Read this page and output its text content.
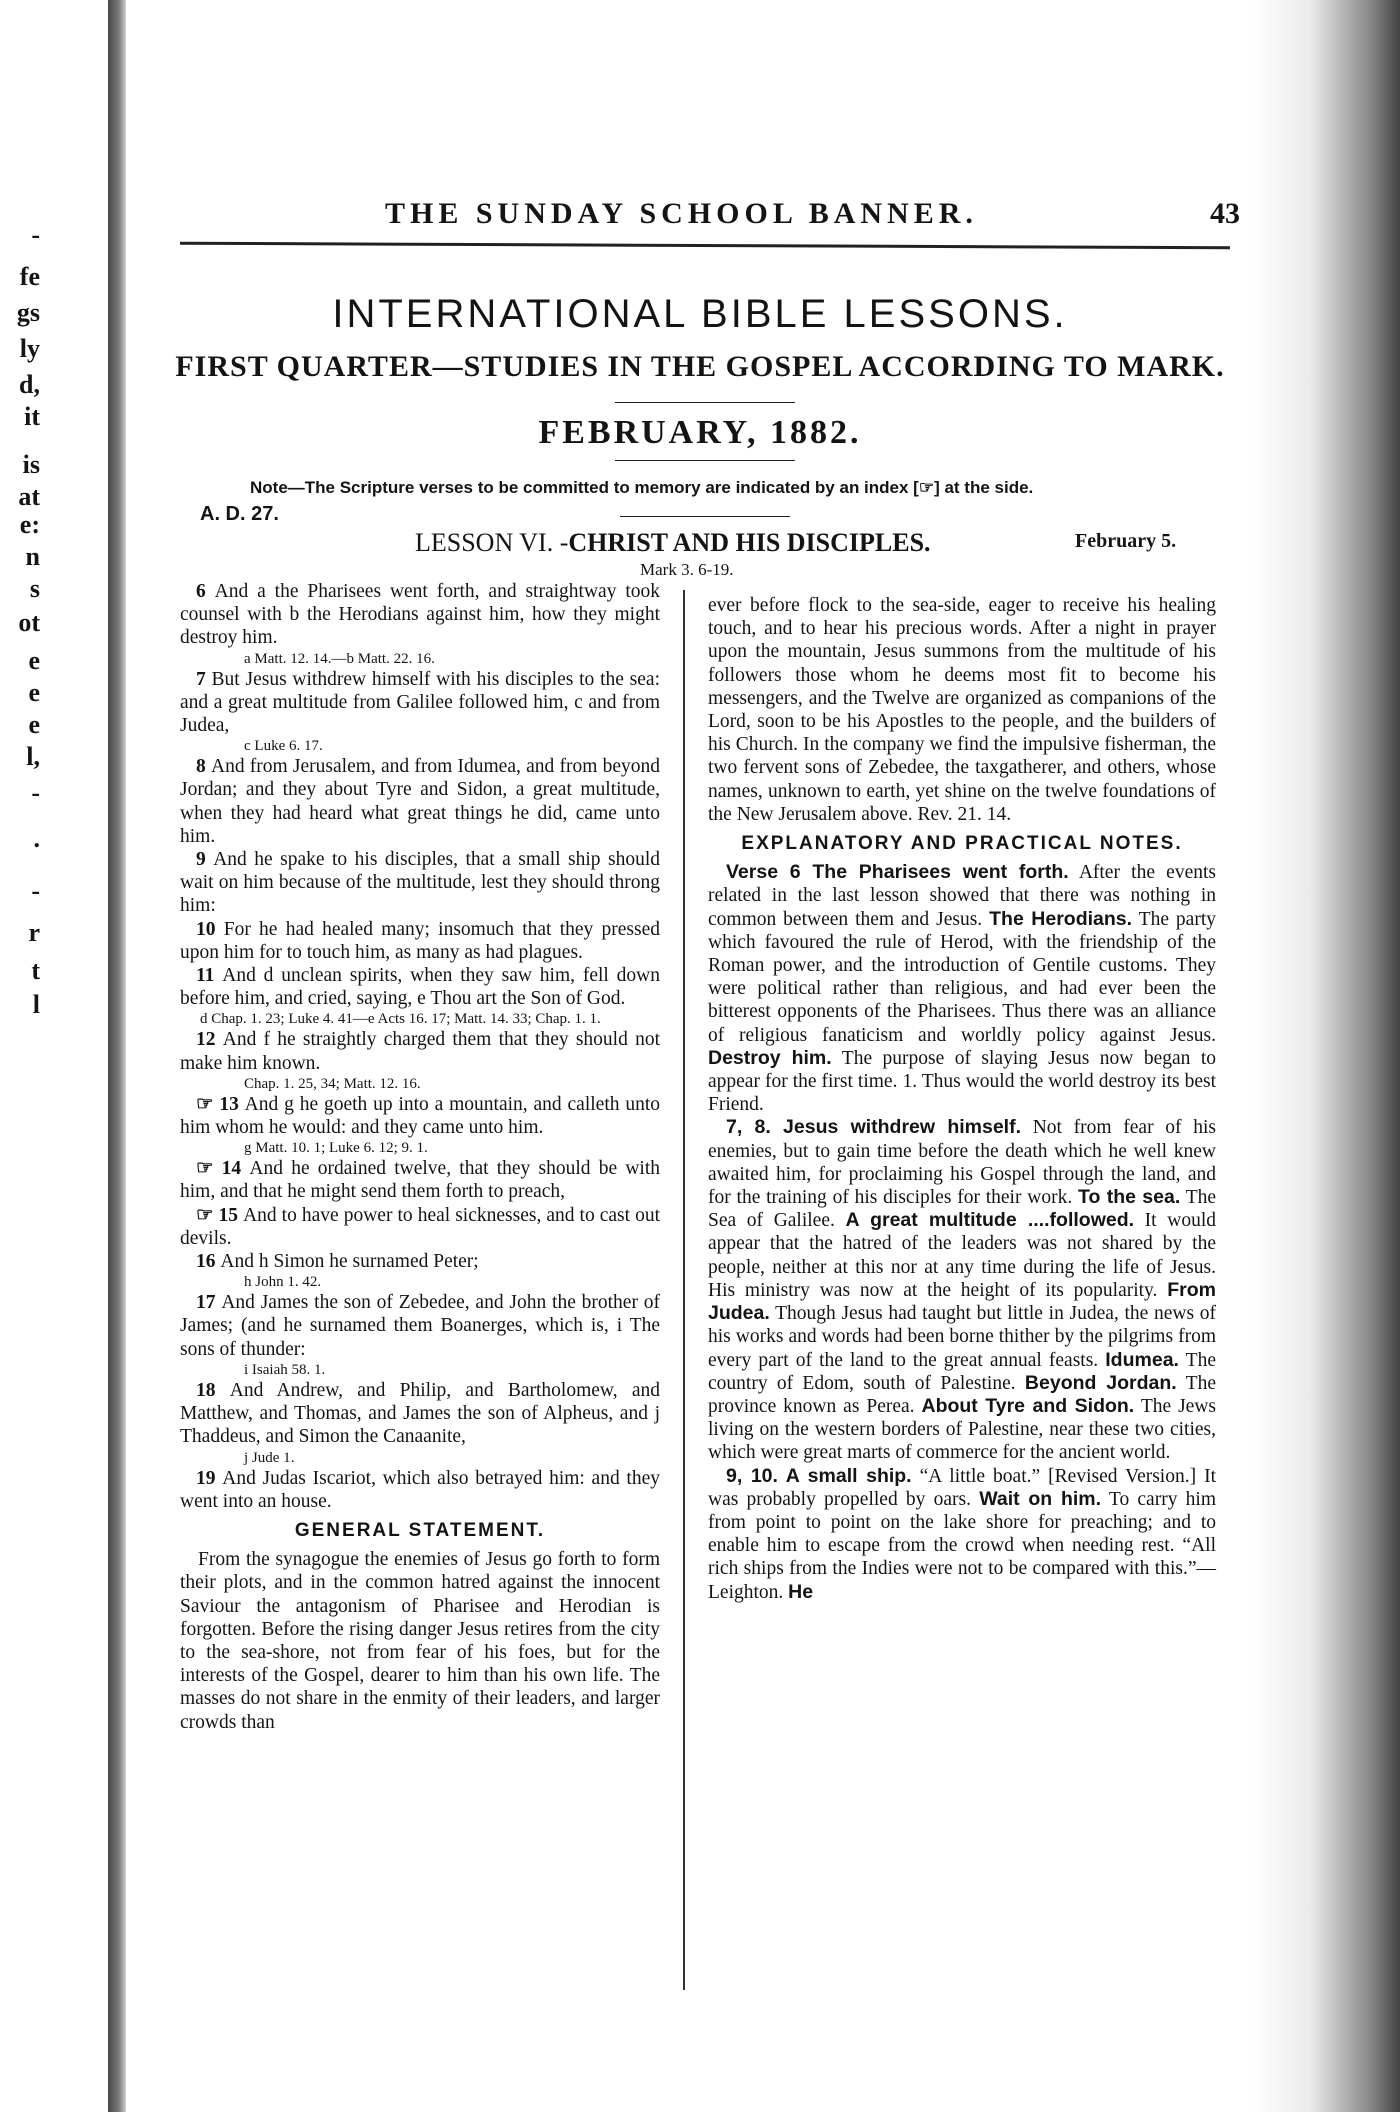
-
fe
gs
ly
d,
it
is
at
e:
n
s
ot
e
e
e
l,
-
.
-
r
t
l
THE SUNDAY SCHOOL BANNER.	43
INTERNATIONAL BIBLE LESSONS.
FIRST QUARTER—STUDIES IN THE GOSPEL ACCORDING TO MARK.
FEBRUARY, 1882.
Note—The Scripture verses to be committed to memory are indicated by an index [☞] at the side.
A. D. 27.
LESSON VI. -CHRIST AND HIS DISCIPLES.	February 5.
Mark 3. 6-19.

6 And a the Pharisees went forth, and straightway took counsel with b the Herodians against him, how they might destroy him.

a Matt. 12. 14.—b Matt. 22. 16.

7 But Jesus withdrew himself with his disciples to the sea: and a great multitude from Galilee followed him, c and from Judea,

c Luke 6. 17.

8 And from Jerusalem, and from Idumea, and from beyond Jordan; and they about Tyre and Sidon, a great multitude, when they had heard what great things he did, came unto him.

9 And he spake to his disciples, that a small ship should wait on him because of the multitude, lest they should throng him:

10 For he had healed many; insomuch that they pressed upon him for to touch him, as many as had plagues.

11 And d unclean spirits, when they saw him, fell down before him, and cried, saying, e Thou art the Son of God.

d Chap. 1. 23; Luke 4. 41—e Acts 16. 17; Matt. 14. 33; Chap. 1. 1.

12 And f he straightly charged them that they should not make him known.

Chap. 1. 25, 34; Matt. 12. 16.

☞ 13 And g he goeth up into a mountain, and calleth unto him whom he would: and they came unto him.

g Matt. 10. 1; Luke 6. 12; 9. 1.

☞ 14 And he ordained twelve, that they should be with him, and that he might send them forth to preach,

☞ 15 And to have power to heal sicknesses, and to cast out devils.

16 And h Simon he surnamed Peter;

h John 1. 42.

17 And James the son of Zebedee, and John the brother of James; (and he surnamed them Boanerges, which is, i The sons of thunder:

i Isaiah 58. 1.

18 And Andrew, and Philip, and Bartholomew, and Matthew, and Thomas, and James the son of Alpheus, and j Thaddeus, and Simon the Canaanite,

j Jude 1.

19 And Judas Iscariot, which also betrayed him: and they went into an house.

GENERAL STATEMENT.

From the synagogue the enemies of Jesus go forth to form their plots, and in the common hatred against the innocent Saviour the antagonism of Pharisee and Herodian is forgotten. Before the rising danger Jesus retires from the city to the sea-shore, not from fear of his foes, but for the interests of the Gospel, dearer to him than his own life. The masses do not share in the enmity of their leaders, and larger crowds than

ever before flock to the sea-side, eager to receive his healing touch, and to hear his precious words. After a night in prayer upon the mountain, Jesus summons from the multitude of his followers those whom he deems most fit to become his messengers, and the Twelve are organized as companions of the Lord, soon to be his Apostles to the people, and the builders of his Church. In the company we find the impulsive fisherman, the two fervent sons of Zebedee, the taxgatherer, and others, whose names, unknown to earth, yet shine on the twelve foundations of the New Jerusalem above. Rev. 21. 14.

EXPLANATORY AND PRACTICAL NOTES.

Verse 6 The Pharisees went forth. After the events related in the last lesson showed that there was nothing in common between them and Jesus. The Herodians. The party which favoured the rule of Herod, with the friendship of the Roman power, and the introduction of Gentile customs. They were political rather than religious, and had ever been the bitterest opponents of the Pharisees. Thus there was an alliance of religious fanaticism and worldly policy against Jesus. Destroy him. The purpose of slaying Jesus now began to appear for the first time. 1. Thus would the world destroy its best Friend.

7, 8. Jesus withdrew himself. Not from fear of his enemies, but to gain time before the death which he well knew awaited him, for proclaiming his Gospel through the land, and for the training of his disciples for their work. To the sea. The Sea of Galilee. A great multitude ....followed. It would appear that the hatred of the leaders was not shared by the people, neither at this nor at any time during the life of Jesus. His ministry was now at the height of its popularity. From Judea. Though Jesus had taught but little in Judea, the news of his works and words had been borne thither by the pilgrims from every part of the land to the great annual feasts. Idumea. The country of Edom, south of Palestine. Beyond Jordan. The province known as Perea. About Tyre and Sidon. The Jews living on the western borders of Palestine, near these two cities, which were great marts of commerce for the ancient world.

9, 10. A small ship. “A little boat.” [Revised Version.] It was probably propelled by oars. Wait on him. To carry him from point to point on the lake shore for preaching; and to enable him to escape from the crowd when needing rest. “All rich ships from the Indies were not to be compared with this.”—Leighton. He
